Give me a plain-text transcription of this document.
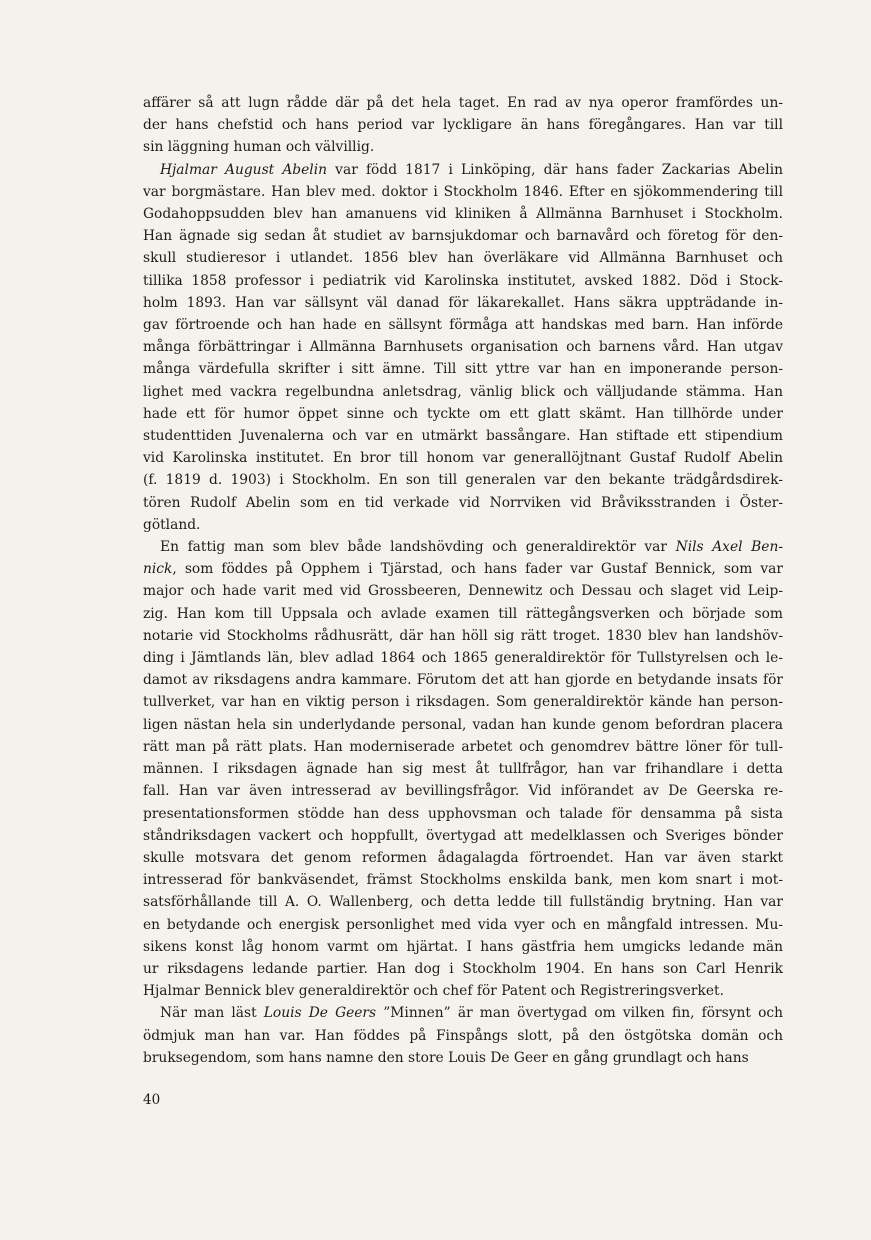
affärer så att lugn rådde där på det hela taget. En rad av nya operor framfördes un-
der hans chefstid och hans period var lyckligare än hans föregångares. Han var till
sin läggning human och välvillig.
Hjalmar August Abelin var född 1817 i Linköping, där hans fader Zackarias Abelin
var borgmästare. Han blev med. doktor i Stockholm 1846. Efter en sjökommendering till
Godahoppsudden blev han amanuens vid kliniken å Allmänna Barnhuset i Stockholm.
Han ägnade sig sedan åt studiet av barnsjukdomar och barnavård och företog för den-
skull studieresor i utlandet. 1856 blev han överläkare vid Allmänna Barnhuset och
tillika 1858 professor i pediatrik vid Karolinska institutet, avsked 1882. Död i Stock-
holm 1893. Han var sällsynt väl danad för läkarekallet. Hans säkra uppträdande in-
gav förtroende och han hade en sällsynt förmåga att handskas med barn. Han införde
många förbättringar i Allmänna Barnhusets organisation och barnens vård. Han utgav
många värdefulla skrifter i sitt ämne. Till sitt yttre var han en imponerande person-
lighet med vackra regelbundna anletsdrag, vänlig blick och välljudande stämma. Han
hade ett för humor öppet sinne och tyckte om ett glatt skämt. Han tillhörde under
studenttiden Juvenalerna och var en utmärkt bassångare. Han stiftade ett stipendium
vid Karolinska institutet. En bror till honom var generallöjtnant Gustaf Rudolf Abelin
(f. 1819 d. 1903) i Stockholm. En son till generalen var den bekante trädgårdsdirek-
tören Rudolf Abelin som en tid verkade vid Norrviken vid Bråviksstranden i Öster-
götland.
En fattig man som blev både landshövding och generaldirektör var Nils Axel Ben-
nick, som föddes på Opphem i Tjärstad, och hans fader var Gustaf Bennick, som var
major och hade varit med vid Grossbeeren, Dennewitz och Dessau och slaget vid Leip-
zig. Han kom till Uppsala och avlade examen till rättegångsverken och började som
notarie vid Stockholms rådhusrätt, där han höll sig rätt troget. 1830 blev han landshöv-
ding i Jämtlands län, blev adlad 1864 och 1865 generaldirektör för Tullstyrelsen och le-
damot av riksdagens andra kammare. Förutom det att han gjorde en betydande insats för
tullverket, var han en viktig person i riksdagen. Som generaldirektör kände han person-
ligen nästan hela sin underlydande personal, vadan han kunde genom befordran placera
rätt man på rätt plats. Han moderniserade arbetet och genomdrev bättre löner för tull-
männen. I riksdagen ägnade han sig mest åt tullfrågor, han var frihandlare i detta
fall. Han var även intresserad av bevillingsfrågor. Vid införandet av De Geerska re-
presentationsformen stödde han dess upphovsman och talade för densamma på sista
ståndriksdagen vackert och hoppfullt, övertygad att medelklassen och Sveriges bönder
skulle motsvara det genom reformen ådagalagda förtroendet. Han var även starkt
intresserad för bankväsendet, främst Stockholms enskilda bank, men kom snart i mot-
satsförhållande till A. O. Wallenberg, och detta ledde till fullständig brytning. Han var
en betydande och energisk personlighet med vida vyer och en mångfald intressen. Mu-
sikens konst låg honom varmt om hjärtat. I hans gästfria hem umgicks ledande män
ur riksdagens ledande partier. Han dog i Stockholm 1904. En hans son Carl Henrik
Hjalmar Bennick blev generaldirektör och chef för Patent och Registreringsverket.
När man läst Louis De Geers ”Minnen” är man övertygad om vilken fin, försynt och
ödmjuk man han var. Han föddes på Finspångs slott, på den östgötska domän och
bruksegendom, som hans namne den store Louis De Geer en gång grundlagt och hans
40
